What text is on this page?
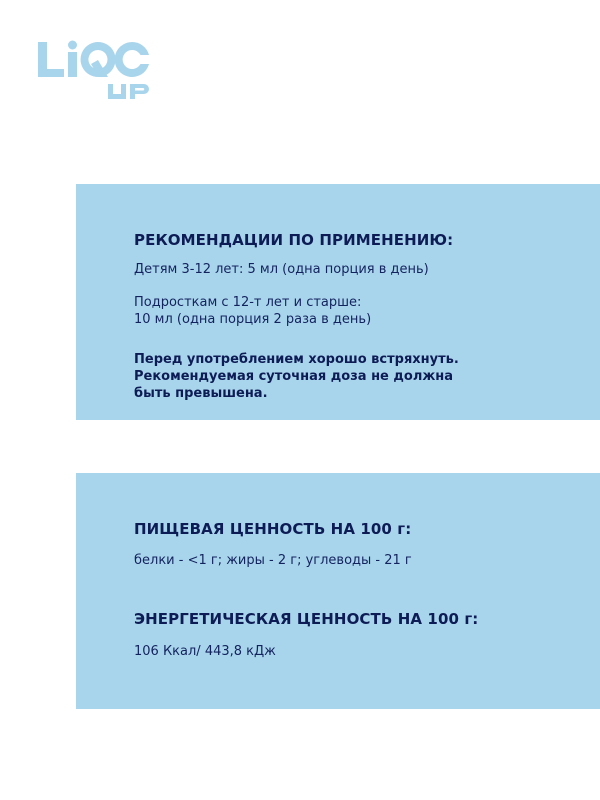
РЕКОМЕНДАЦИИ ПО ПРИМЕНЕНИЮ:
Детям 3-12 лет: 5 мл (одна порция в день)
Подросткам с 12-т лет и старше:
10 мл (одна порция 2 раза в день)
Перед употреблением хорошо встряхнуть.
Рекомендуемая суточная доза не должна
быть превышена.
ПИЩЕВАЯ ЦЕННОСТЬ НА 100 г:
белки - <1 г; жиры - 2 г; углеводы - 21 г
ЭНЕРГЕТИЧЕСКАЯ ЦЕННОСТЬ НА 100 г:
106 Ккал/ 443,8 кДж
